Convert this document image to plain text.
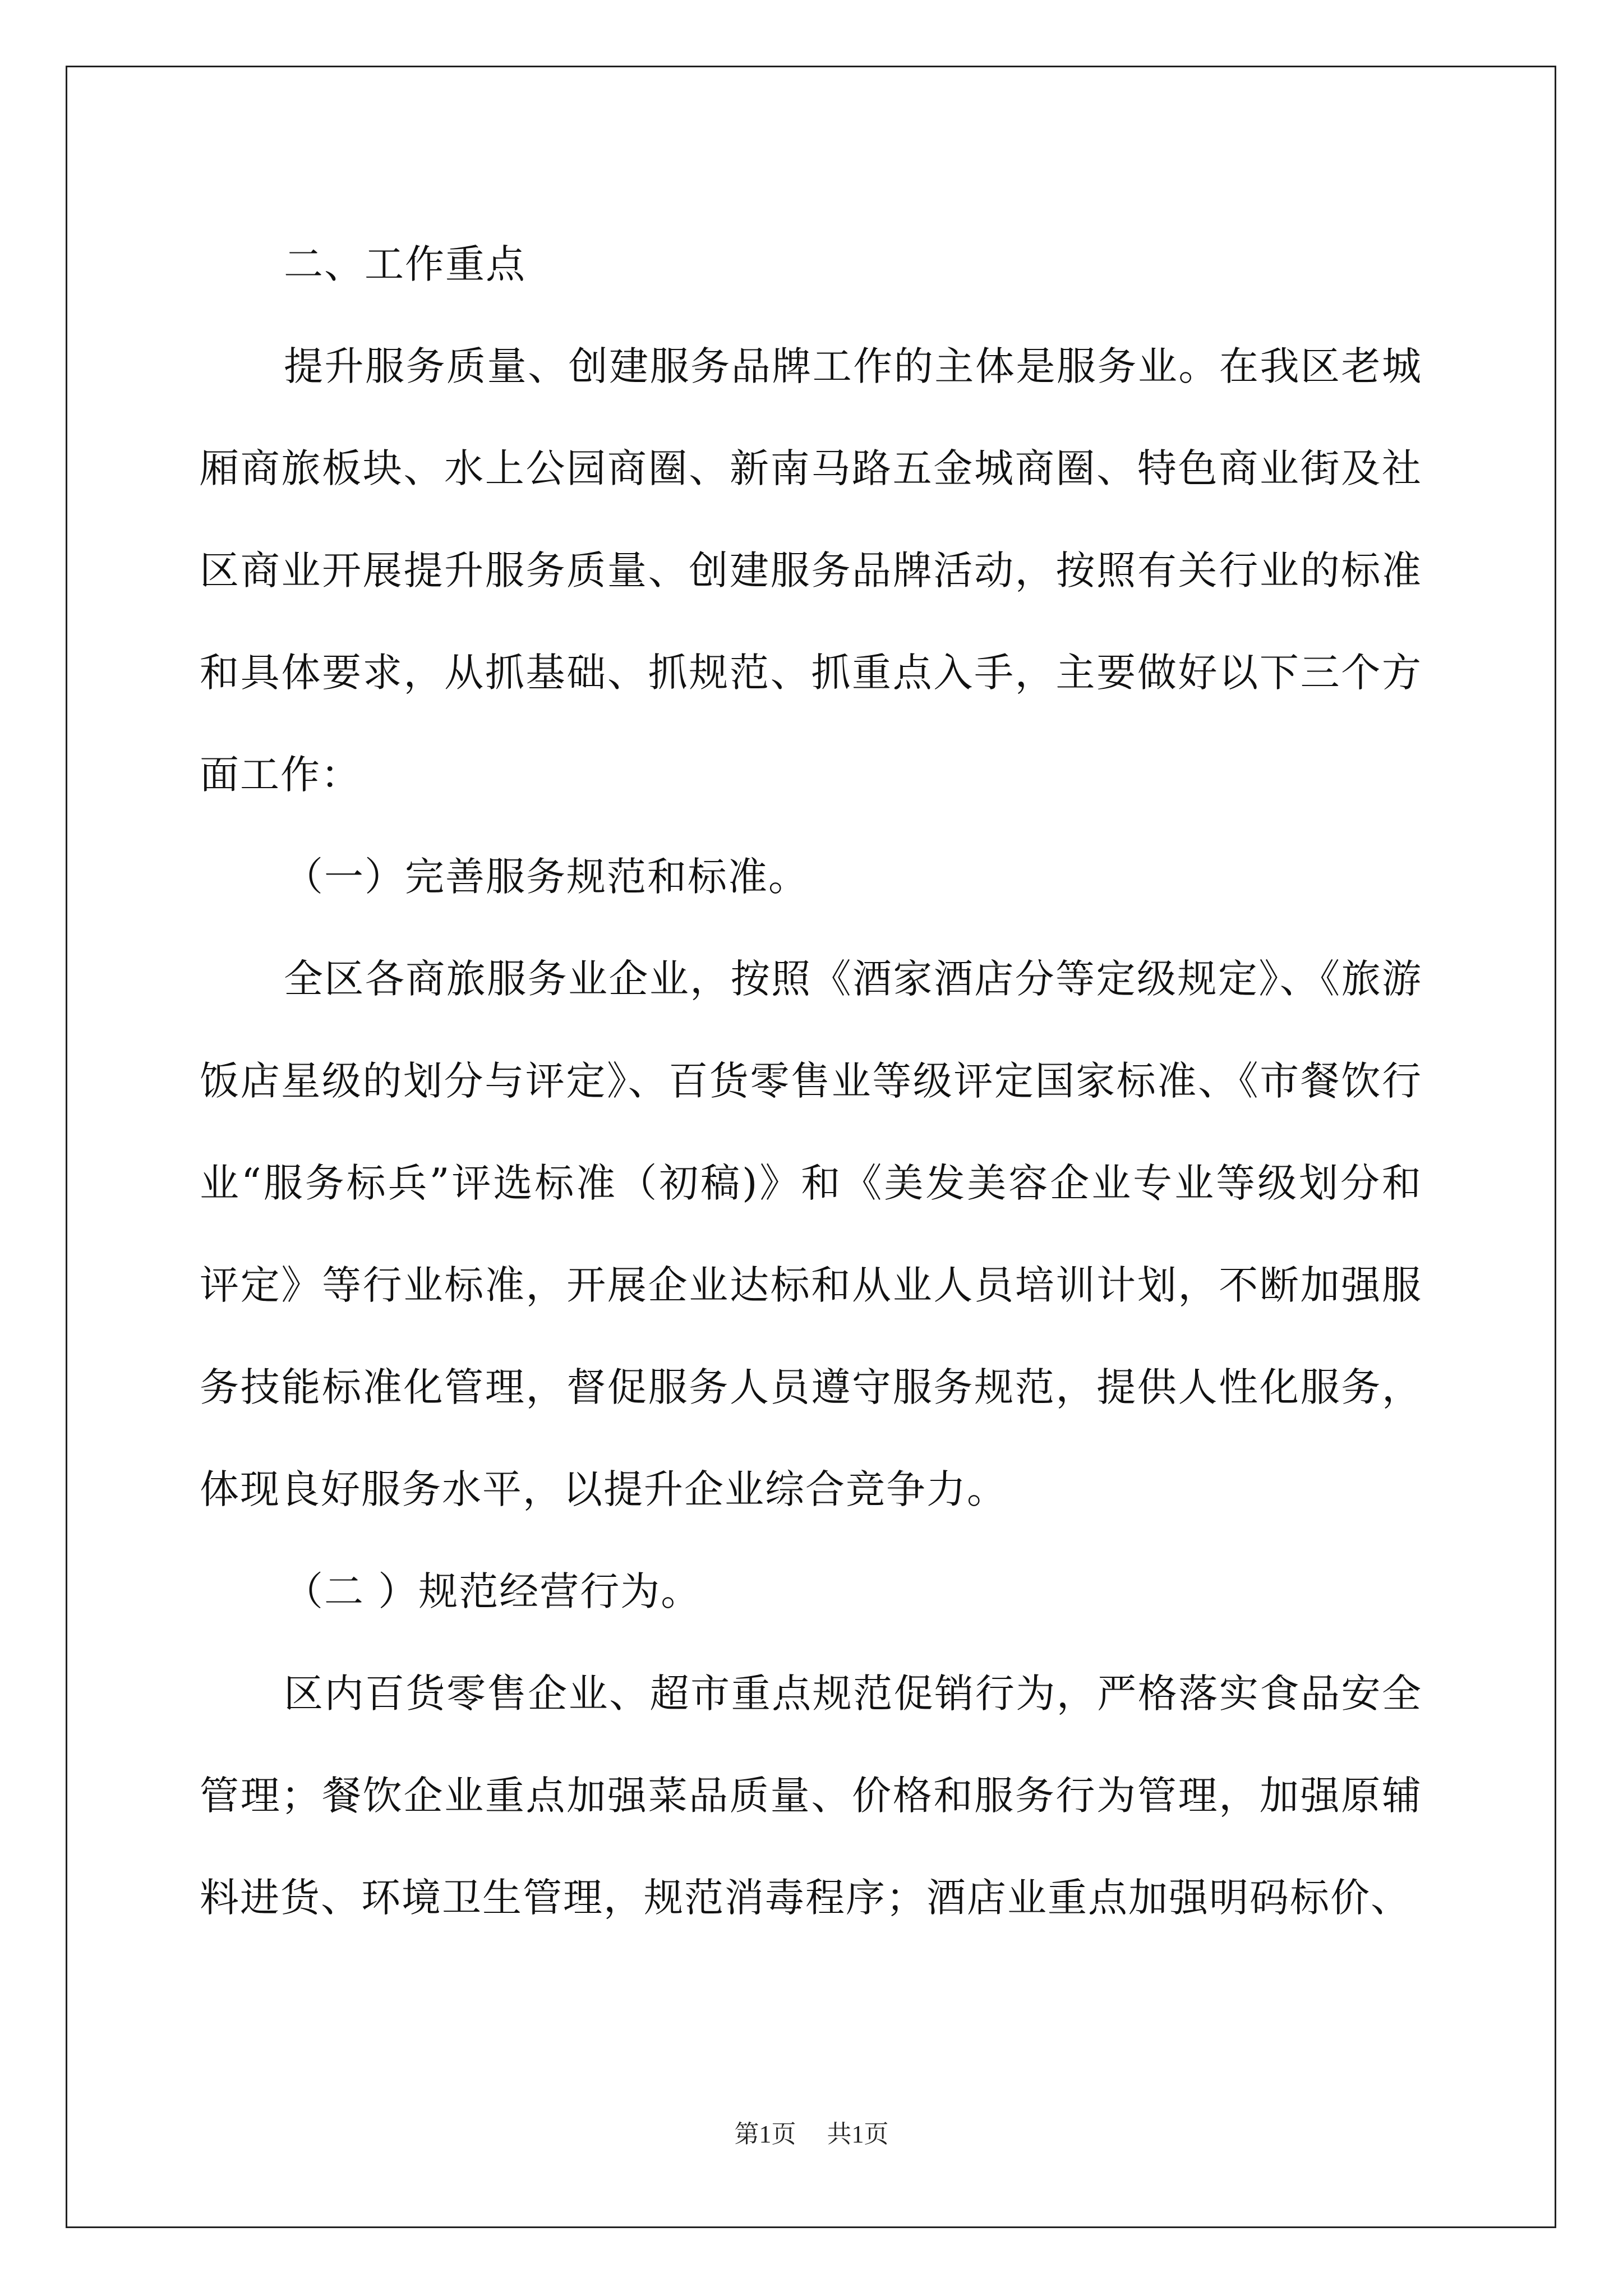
二、工作重点

提升服务质量、创建服务品牌工作的主体是服务业。在我区老城厢商旅板块、水上公园商圈、新南马路五金城商圈、特色商业街及社区商业开展提升服务质量、创建服务品牌活动，按照有关行业的标准和具体要求，从抓基础、抓规范、抓重点入手，主要做好以下三个方面工作：

（一）完善服务规范和标准。

全区各商旅服务业企业，按照《酒家酒店分等定级规定》、《旅游饭店星级的划分与评定》、百货零售业等级评定国家标准、《市餐饮行业“服务标兵”评选标准（初稿)》和《美发美容企业专业等级划分和评定》等行业标准，开展企业达标和从业人员培训计划，不断加强服务技能标准化管理，督促服务人员遵守服务规范，提供人性化服务，体现良好服务水平，以提升企业综合竞争力。

（二 ）规范经营行为。

区内百货零售企业、超市重点规范促销行为，严格落实食品安全管理；餐饮企业重点加强菜品质量、价格和服务行为管理，加强原辅料进货、环境卫生管理，规范消毒程序；酒店业重点加强明码标价、

第1页 共1页
